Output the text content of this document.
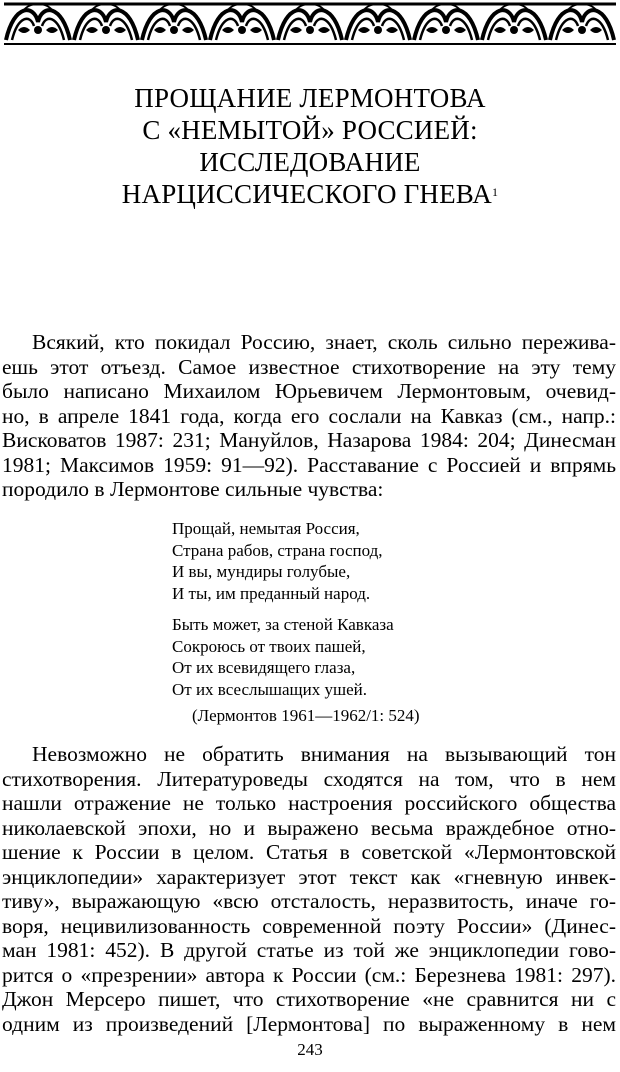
ПРОЩАНИЕ ЛЕРМОНТОВА
С «НЕМЫТОЙ» РОССИЕЙ:
ИССЛЕДОВАНИЕ
НАРЦИССИЧЕСКОГО ГНЕВА$^1$
Всякий, кто покидал Россию, знает, сколь сильно пережива-
ешь этот отъезд. Самое известное стихотворение на эту тему
было написано Михаилом Юрьевичем Лермонтовым, очевид-
но, в апреле 1841 года, когда его сослали на Кавказ (см., напр.:
Висковатов 1987: 231; Мануйлов, Назарова 1984: 204; Динесман
1981; Максимов 1959: 91—92). Расставание с Россией и впрямь
породило в Лермонтове сильные чувства:
Прощай, немытая Россия,
Страна рабов, страна господ,
И вы, мундиры голубые,
И ты, им преданный народ.
Быть может, за стеной Кавказа
Сокроюсь от твоих пашей,
От их всевидящего глаза,
От их всеслышащих ушей.
(Лермонтов 1961—1962/1: 524)
Невозможно не обратить внимания на вызывающий тон
стихотворения. Литературоведы сходятся на том, что в нем
нашли отражение не только настроения российского общества
николаевской эпохи, но и выражено весьма враждебное отно-
шение к России в целом. Статья в советской «Лермонтовской
энциклопедии» характеризует этот текст как «гневную инвек-
тиву», выражающую «всю отсталость, неразвитость, иначе го-
воря, нецивилизованность современной поэту России» (Динес-
ман 1981: 452). В другой статье из той же энциклопедии гово-
рится о «презрении» автора к России (см.: Березнева 1981: 297).
Джон Мерсеро пишет, что стихотворение «не сравнится ни с
одним из произведений [Лермонтова] по выраженному в нем
243
